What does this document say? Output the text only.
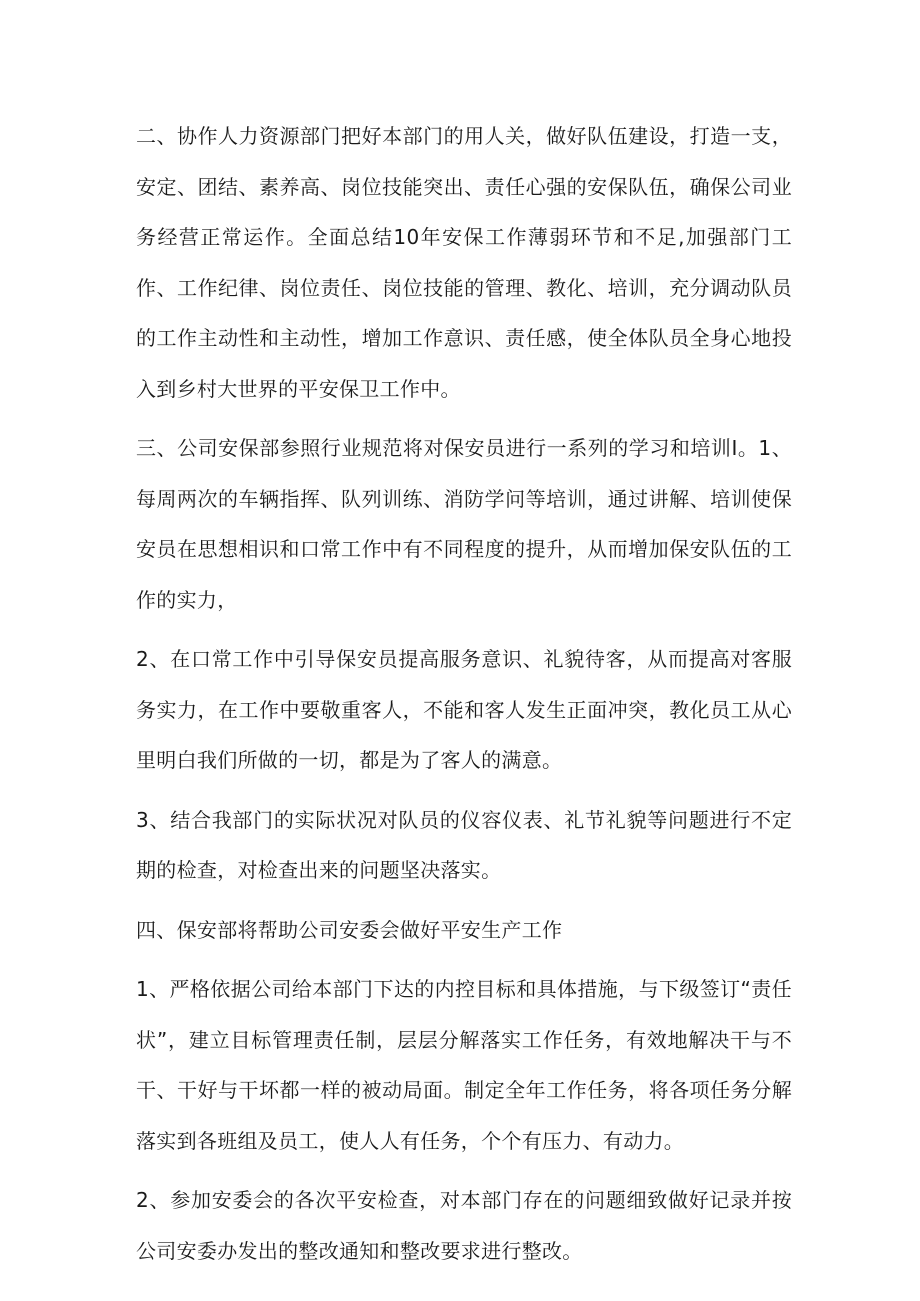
二、协作人力资源部门把好本部门的用人关，做好队伍建设，打造一支，安定、团结、素养高、岗位技能突出、责任心强的安保队伍，确保公司业务经营正常运作。全面总结10年安保工作薄弱环节和不足,加强部门工作、工作纪律、岗位责任、岗位技能的管理、教化、培训，充分调动队员的工作主动性和主动性，增加工作意识、责任感，使全体队员全身心地投入到乡村大世界的平安保卫工作中。

三、公司安保部参照行业规范将对保安员进行一系列的学习和培训I。1、每周两次的车辆指挥、队列训练、消防学问等培训，通过讲解、培训使保安员在思想相识和口常工作中有不同程度的提升，从而增加保安队伍的工作的实力，

2、在口常工作中引导保安员提高服务意识、礼貌待客，从而提高对客服务实力，在工作中要敬重客人，不能和客人发生正面冲突，教化员工从心里明白我们所做的一切，都是为了客人的满意。

3、结合我部门的实际状况对队员的仪容仪表、礼节礼貌等问题进行不定期的检查，对检查出来的问题坚决落实。

四、保安部将帮助公司安委会做好平安生产工作

1、严格依据公司给本部门下达的内控目标和具体措施，与下级签订“责任状”，建立目标管理责任制，层层分解落实工作任务，有效地解决干与不干、干好与干坏都一样的被动局面。制定全年工作任务，将各项任务分解落实到各班组及员工，使人人有任务，个个有压力、有动力。

2、参加安委会的各次平安检查，对本部门存在的问题细致做好记录并按公司安委办发出的整改通知和整改要求进行整改。
